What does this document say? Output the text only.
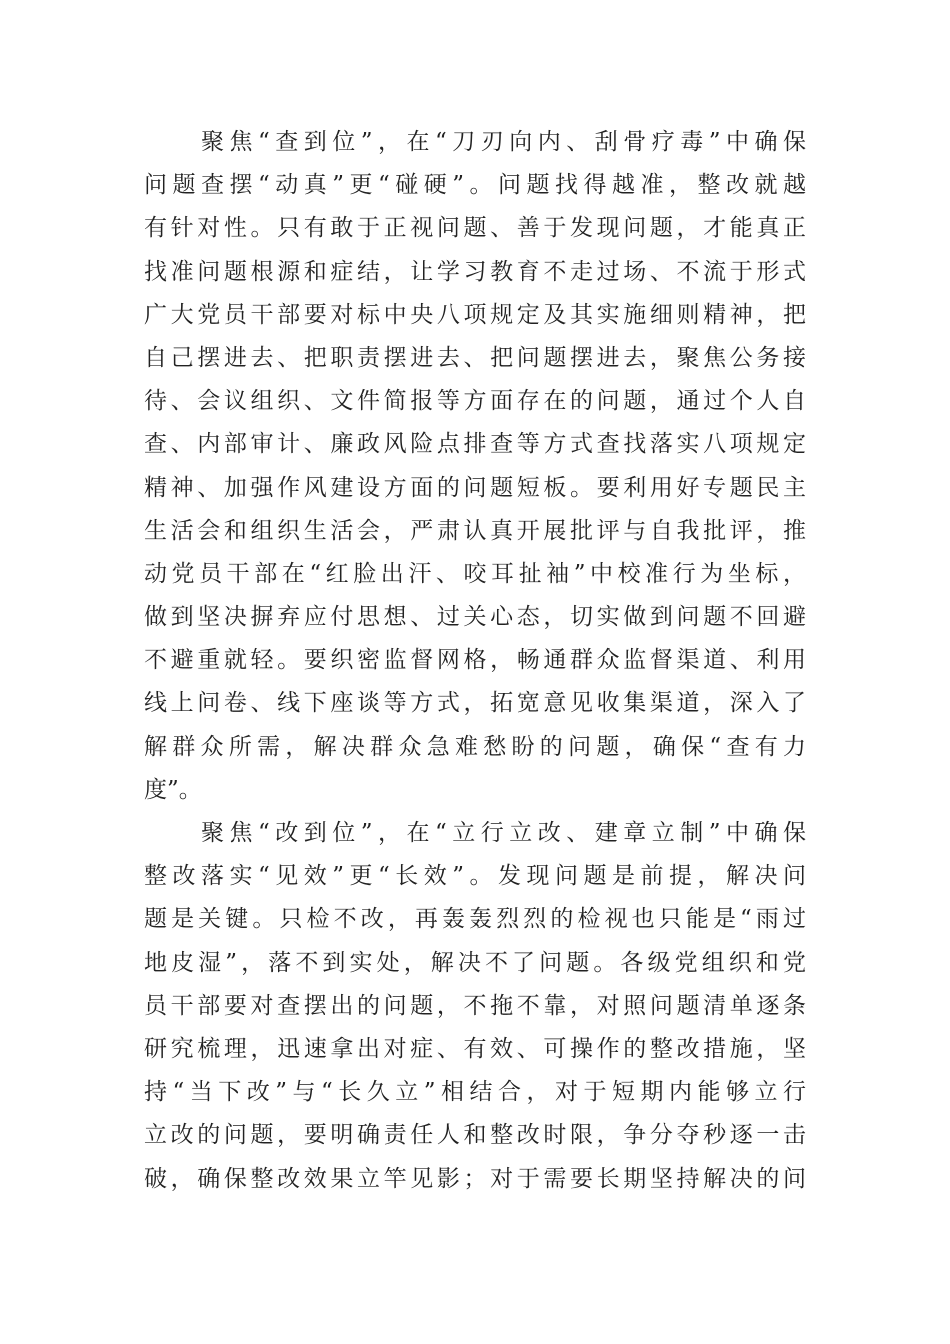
　　聚焦“查到位”，在“刀刃向内、刮骨疗毒”中确保
问题查摆“动真”更“碰硬”。问题找得越准，整改就越
有针对性。只有敢于正视问题、善于发现问题，才能真正
找准问题根源和症结，让学习教育不走过场、不流于形式
广大党员干部要对标中央八项规定及其实施细则精神，把
自己摆进去、把职责摆进去、把问题摆进去，聚焦公务接
待、会议组织、文件简报等方面存在的问题，通过个人自
查、内部审计、廉政风险点排查等方式查找落实八项规定
精神、加强作风建设方面的问题短板。要利用好专题民主
生活会和组织生活会，严肃认真开展批评与自我批评，推
动党员干部在“红脸出汗、咬耳扯袖”中校准行为坐标，
做到坚决摒弃应付思想、过关心态，切实做到问题不回避
不避重就轻。要织密监督网格，畅通群众监督渠道、利用
线上问卷、线下座谈等方式，拓宽意见收集渠道，深入了
解群众所需，解决群众急难愁盼的问题，确保“查有力
度”。
　　聚焦“改到位”，在“立行立改、建章立制”中确保
整改落实“见效”更“长效”。发现问题是前提，解决问
题是关键。只检不改，再轰轰烈烈的检视也只能是“雨过
地皮湿”，落不到实处，解决不了问题。各级党组织和党
员干部要对查摆出的问题，不拖不靠，对照问题清单逐条
研究梳理，迅速拿出对症、有效、可操作的整改措施，坚
持“当下改”与“长久立”相结合，对于短期内能够立行
立改的问题，要明确责任人和整改时限，争分夺秒逐一击
破，确保整改效果立竿见影；对于需要长期坚持解决的问
